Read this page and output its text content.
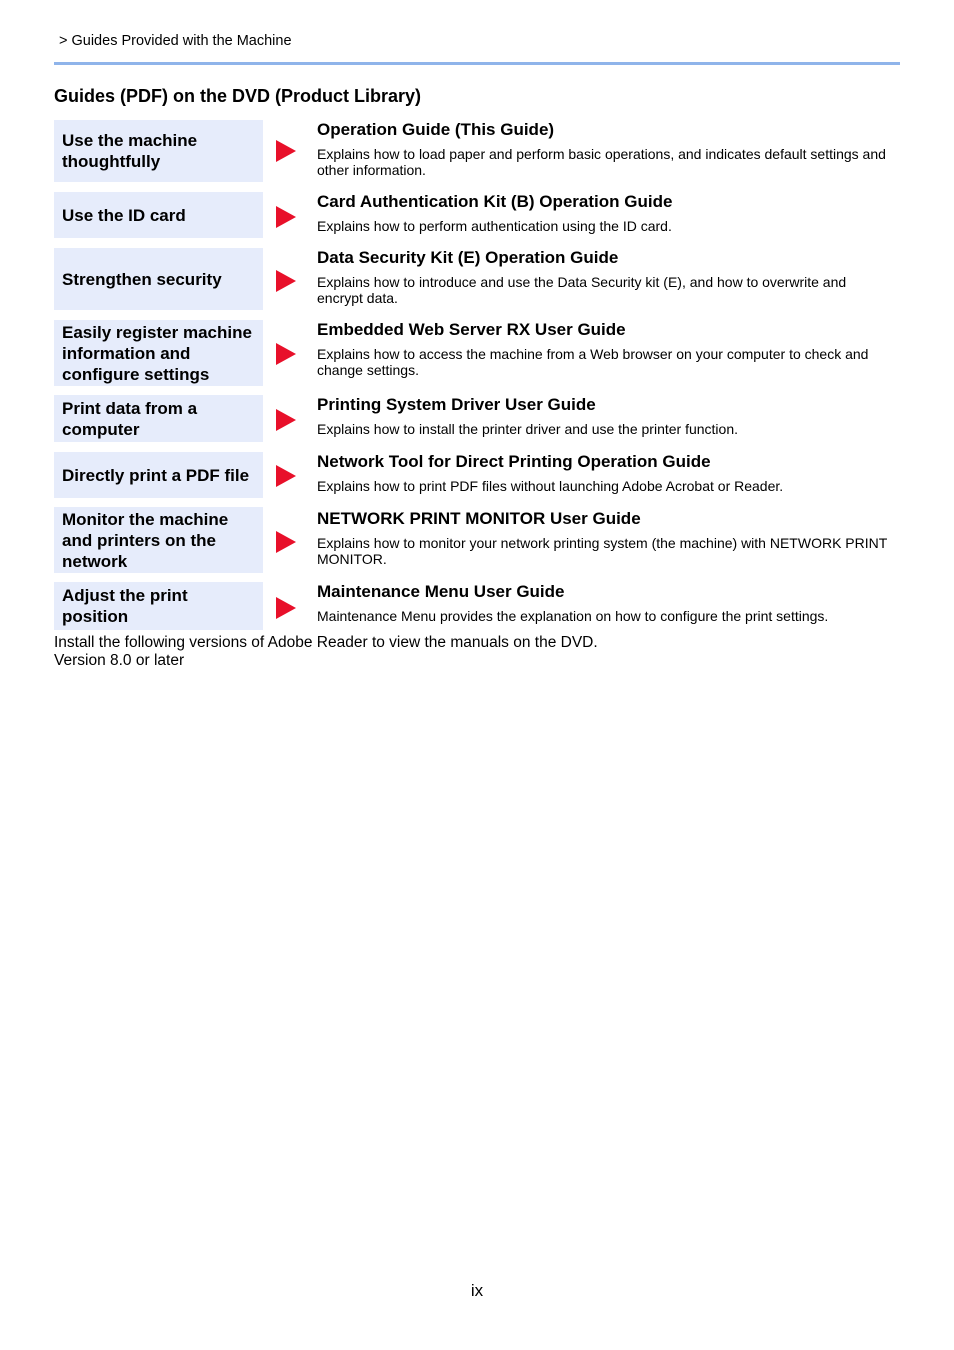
> Guides Provided with the Machine
Guides (PDF) on the DVD (Product Library)
Use the machine thoughtfully
Operation Guide (This Guide)
Explains how to load paper and perform basic operations, and indicates default settings and other information.
Use the ID card
Card Authentication Kit (B) Operation Guide
Explains how to perform authentication using the ID card.
Strengthen security
Data Security Kit (E) Operation Guide
Explains how to introduce and use the Data Security kit (E), and how to overwrite and encrypt data.
Easily register machine information and configure settings
Embedded Web Server RX User Guide
Explains how to access the machine from a Web browser on your computer to check and change settings.
Print data from a computer
Printing System Driver User Guide
Explains how to install the printer driver and use the printer function.
Directly print a PDF file
Network Tool for Direct Printing Operation Guide
Explains how to print PDF files without launching Adobe Acrobat or Reader.
Monitor the machine and printers on the network
NETWORK PRINT MONITOR User Guide
Explains how to monitor your network printing system (the machine) with NETWORK PRINT MONITOR.
Adjust the print position
Maintenance Menu User Guide
Maintenance Menu provides the explanation on how to configure the print settings.
Install the following versions of Adobe Reader to view the manuals on the DVD.
Version 8.0 or later
ix
